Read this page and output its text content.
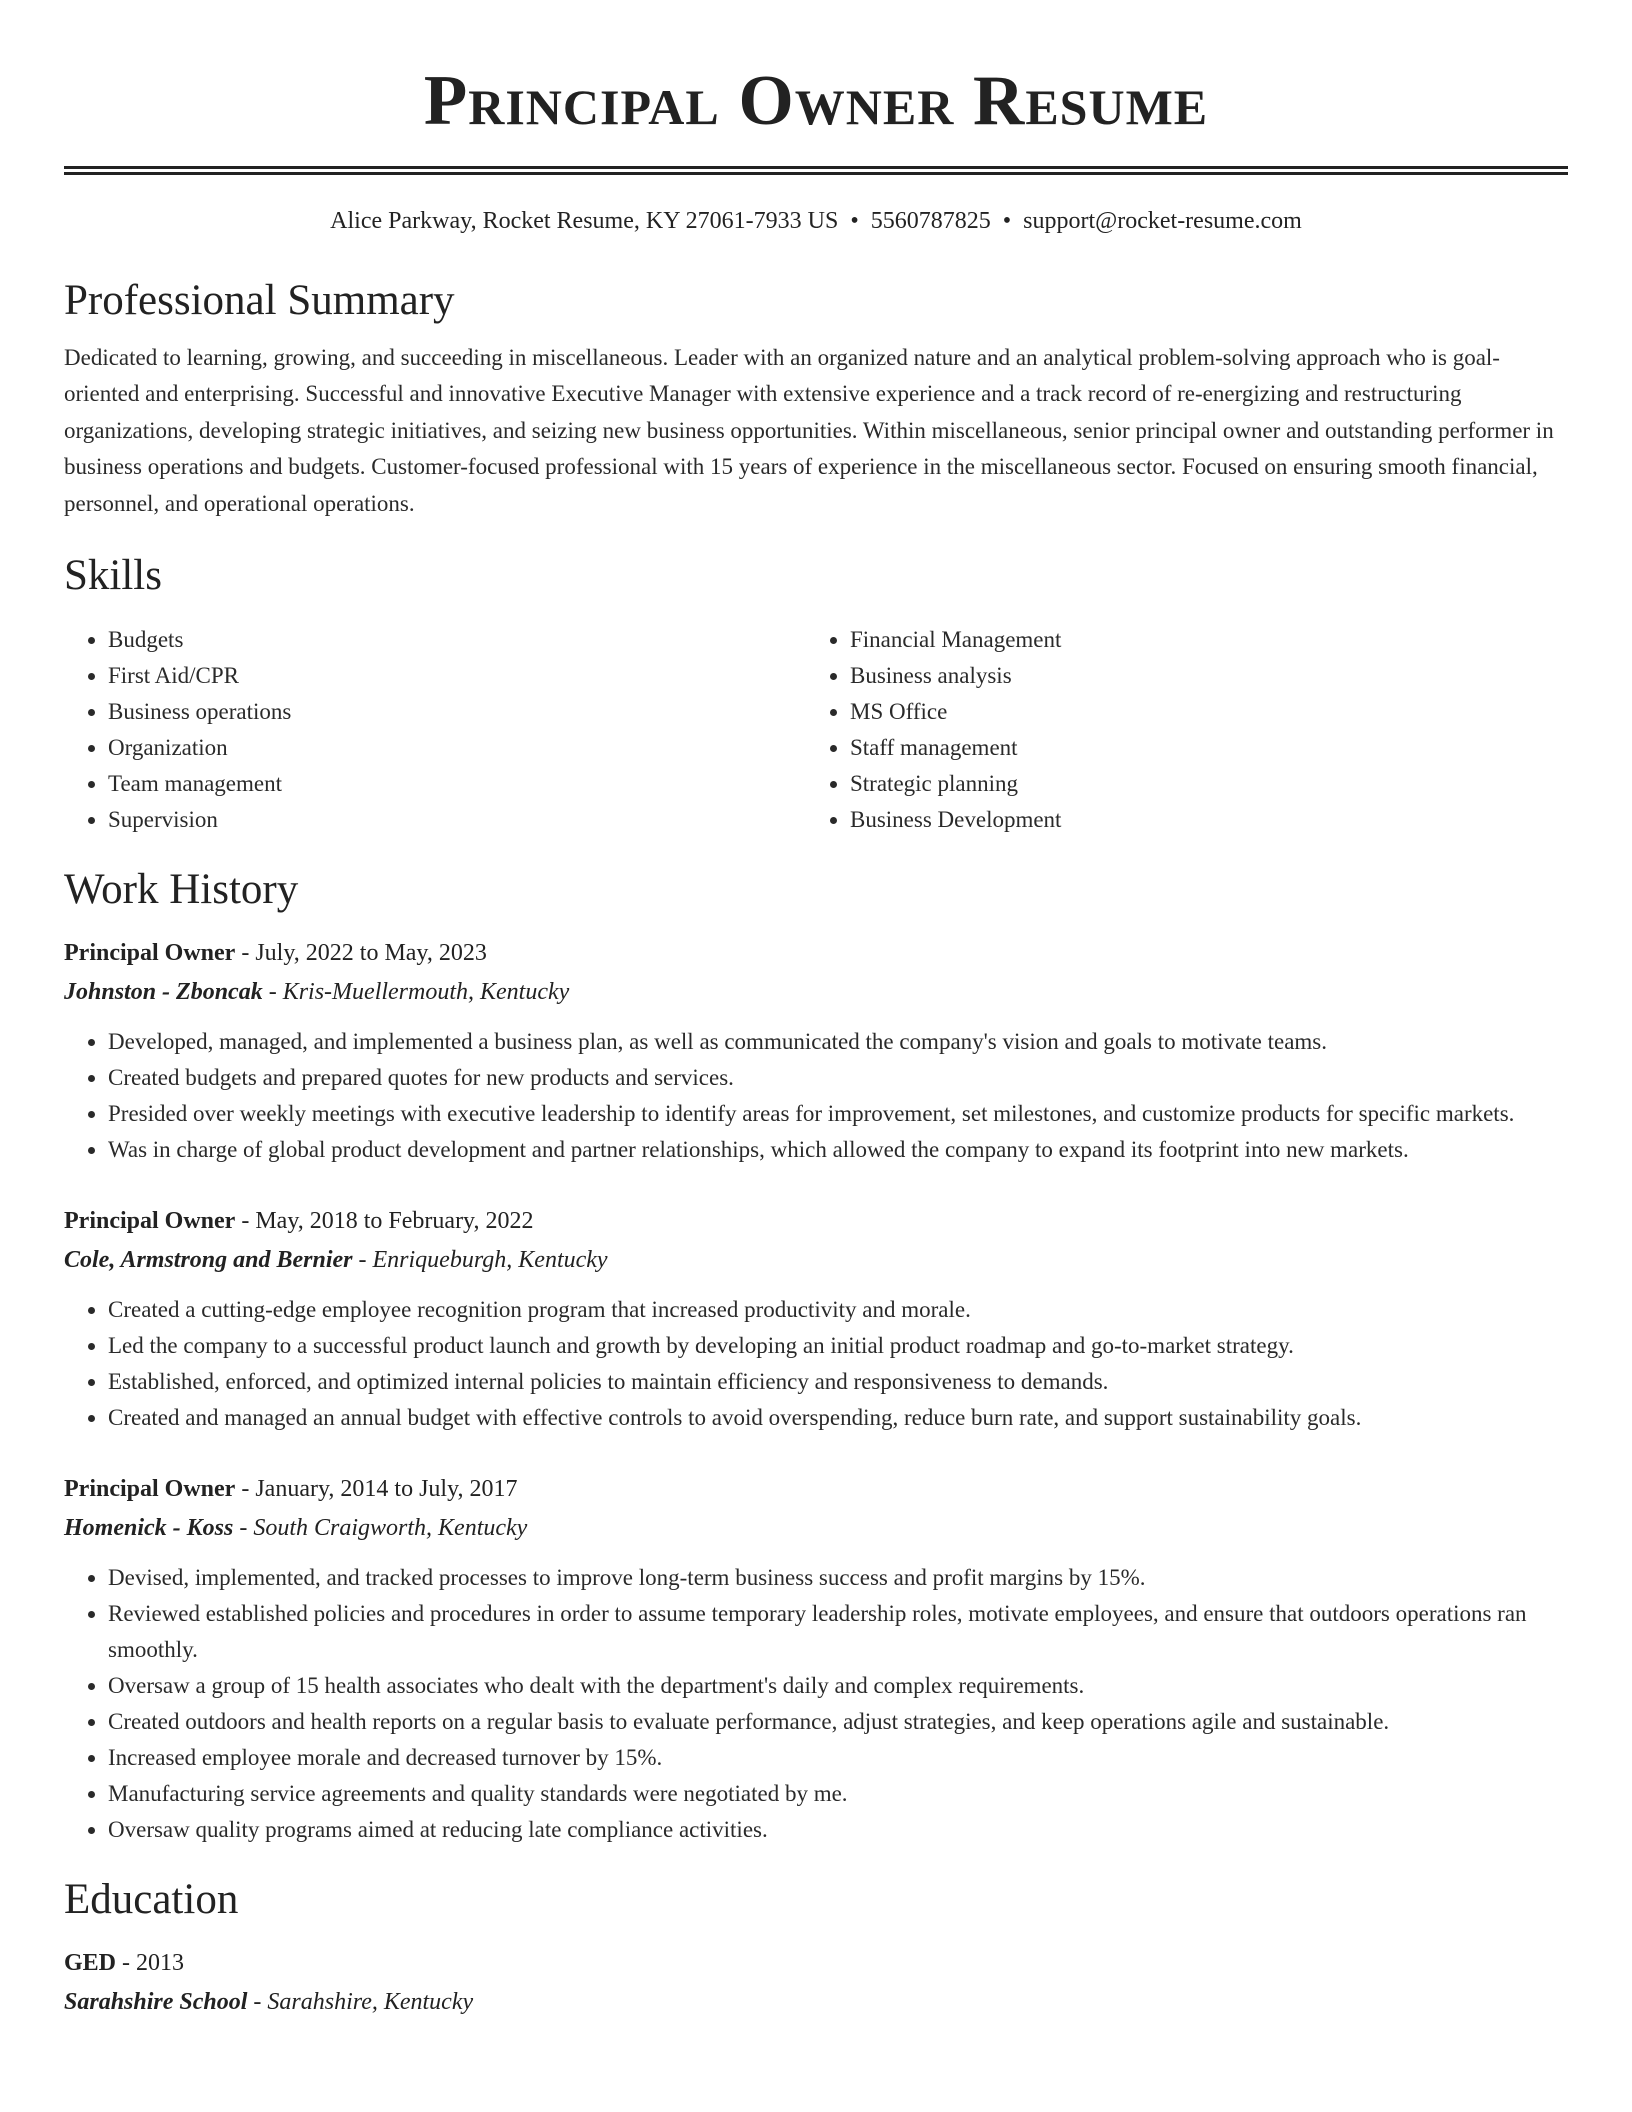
Principal Owner Resume
Alice Parkway, Rocket Resume, KY 27061-7933 US • 5560787825 • support@rocket-resume.com
Professional Summary

Dedicated to learning, growing, and succeeding in miscellaneous. Leader with an organized nature and an analytical problem-solving approach who is goal-oriented and enterprising. Successful and innovative Executive Manager with extensive experience and a track record of re-energizing and restructuring organizations, developing strategic initiatives, and seizing new business opportunities. Within miscellaneous, senior principal owner and outstanding performer in business operations and budgets. Customer-focused professional with 15 years of experience in the miscellaneous sector. Focused on ensuring smooth financial, personnel, and operational operations.

Skills
• Budgets
• First Aid/CPR
• Business operations
• Organization
• Team management
• Supervision
• Financial Management
• Business analysis
• MS Office
• Staff management
• Strategic planning
• Business Development
Work History
Principal Owner - July, 2022 to May, 2023
Johnston - Zboncak - Kris-Muellermouth, Kentucky
• Developed, managed, and implemented a business plan, as well as communicated the company's vision and goals to motivate teams.
• Created budgets and prepared quotes for new products and services.
• Presided over weekly meetings with executive leadership to identify areas for improvement, set milestones, and customize products for specific markets.
• Was in charge of global product development and partner relationships, which allowed the company to expand its footprint into new markets.
Principal Owner - May, 2018 to February, 2022
Cole, Armstrong and Bernier - Enriqueburgh, Kentucky
• Created a cutting-edge employee recognition program that increased productivity and morale.
• Led the company to a successful product launch and growth by developing an initial product roadmap and go-to-market strategy.
• Established, enforced, and optimized internal policies to maintain efficiency and responsiveness to demands.
• Created and managed an annual budget with effective controls to avoid overspending, reduce burn rate, and support sustainability goals.
Principal Owner - January, 2014 to July, 2017
Homenick - Koss - South Craigworth, Kentucky
• Devised, implemented, and tracked processes to improve long-term business success and profit margins by 15%.
• Reviewed established policies and procedures in order to assume temporary leadership roles, motivate employees, and ensure that outdoors operations ran smoothly.
• Oversaw a group of 15 health associates who dealt with the department's daily and complex requirements.
• Created outdoors and health reports on a regular basis to evaluate performance, adjust strategies, and keep operations agile and sustainable.
• Increased employee morale and decreased turnover by 15%.
• Manufacturing service agreements and quality standards were negotiated by me.
• Oversaw quality programs aimed at reducing late compliance activities.
Education
GED - 2013
Sarahshire School - Sarahshire, Kentucky
